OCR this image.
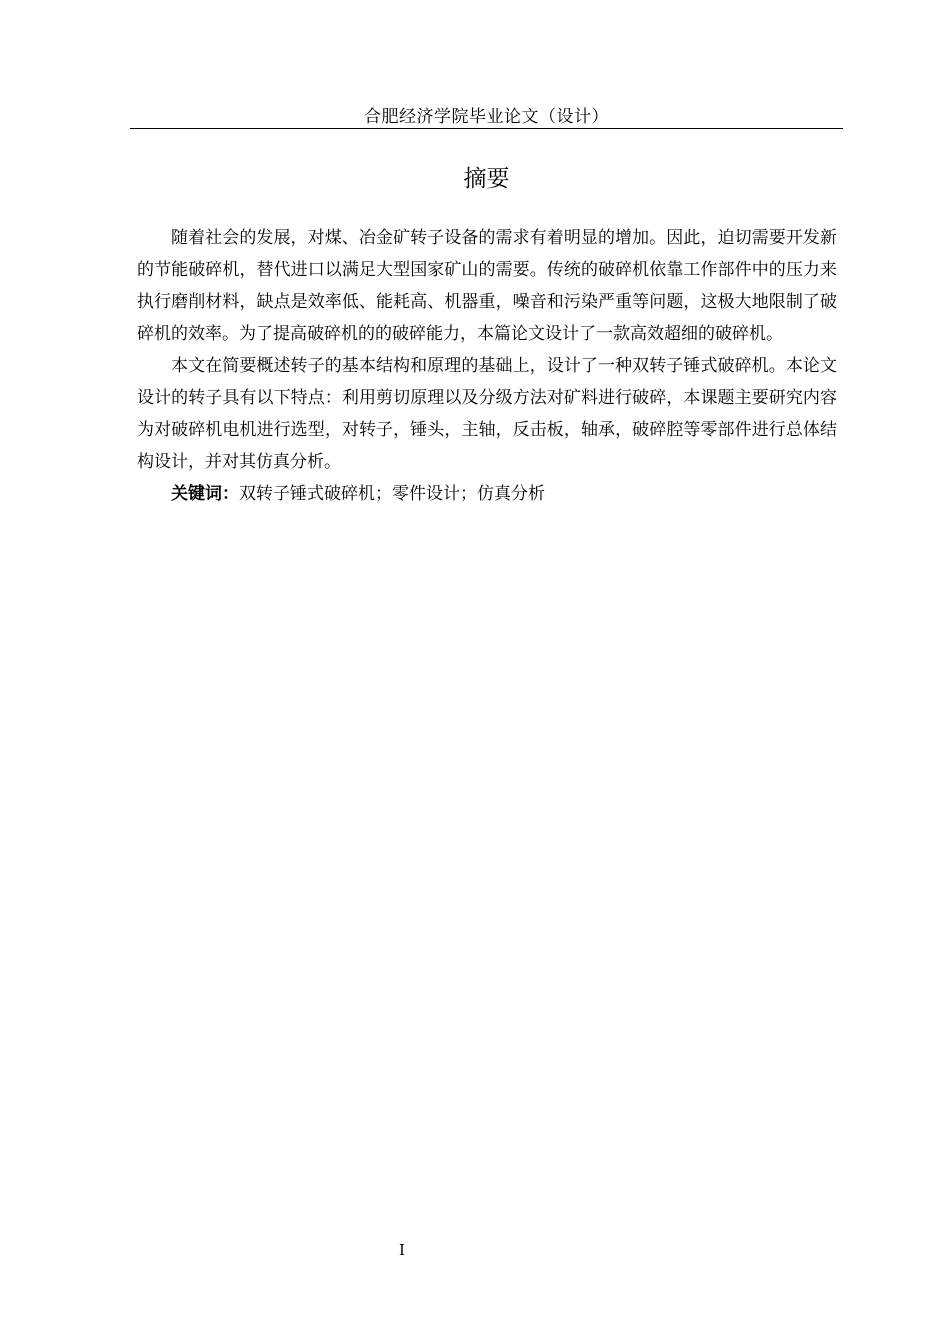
合肥经济学院毕业论文（设计）
摘要

随着社会的发展，对煤、冶金矿转子设备的需求有着明显的增加。因此，迫切需要开发新的节能破碎机，替代进口以满足大型国家矿山的需要。传统的破碎机依靠工作部件中的压力来执行磨削材料，缺点是效率低、能耗高、机器重，噪音和污染严重等问题，这极大地限制了破碎机的效率。为了提高破碎机的的破碎能力，本篇论文设计了一款高效超细的破碎机。

本文在简要概述转子的基本结构和原理的基础上，设计了一种双转子锤式破碎机。本论文设计的转子具有以下特点：利用剪切原理以及分级方法对矿料进行破碎，本课题主要研究内容为对破碎机电机进行选型，对转子，锤头，主轴，反击板，轴承，破碎腔等零部件进行总体结构设计，并对其仿真分析。

关键词：双转子锤式破碎机；零件设计；仿真分析

I
